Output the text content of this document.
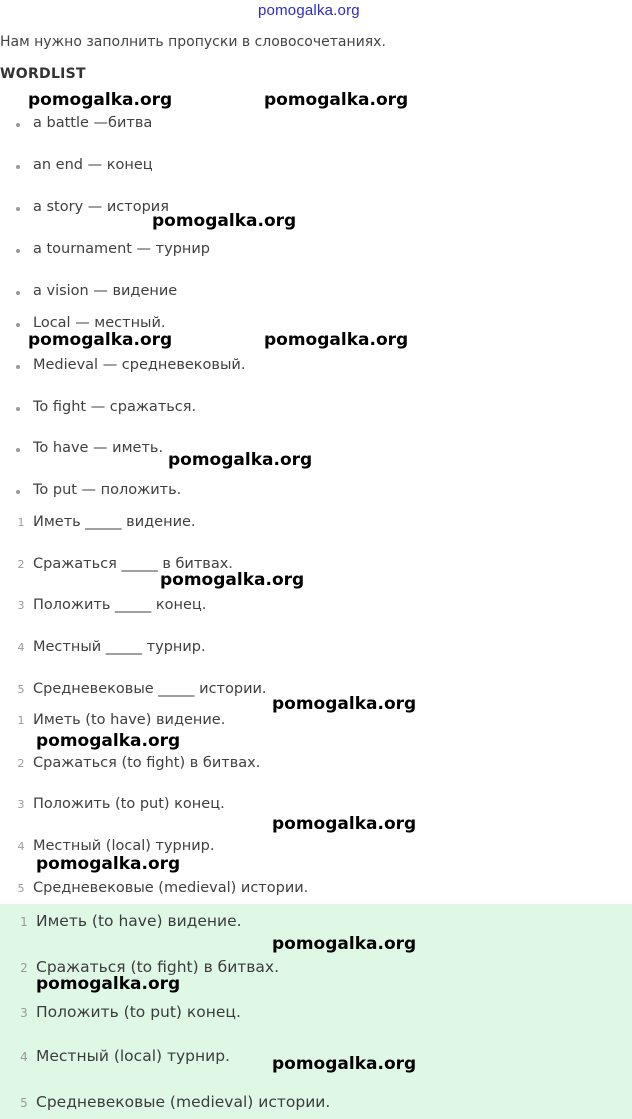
pomogalka.org
Нам нужно заполнить пропуски в словосочетаниях.
WORDLIST
a battle —битва
an end — конец
a story — история
a tournament — турнир
a vision — видение
Local — местный.
Medieval — средневековый.
To fight — сражаться.
To have — иметь.
To put — положить.
1 Иметь _____ видение.
2 Сражаться _____ в битвах.
3 Положить _____ конец.
4 Местный _____ турнир.
5 Средневековые _____ истории.
1 Иметь (to have) видение.
2 Сражаться (to fight) в битвах.
3 Положить (to put) конец.
4 Местный (local) турнир.
5 Средневековые (medieval) истории.
1 Иметь (to have) видение.
2 Сражаться (to fight) в битвах.
3 Положить (to put) конец.
4 Местный (local) турнир.
5 Средневековые (medieval) истории.
pomogalka.org	pomogalka.org
pomogalka.org
pomogalka.org	pomogalka.org
pomogalka.org
pomogalka.org
pomogalka.org
pomogalka.org
pomogalka.org
pomogalka.org
pomogalka.org
pomogalka.org
pomogalka.org
